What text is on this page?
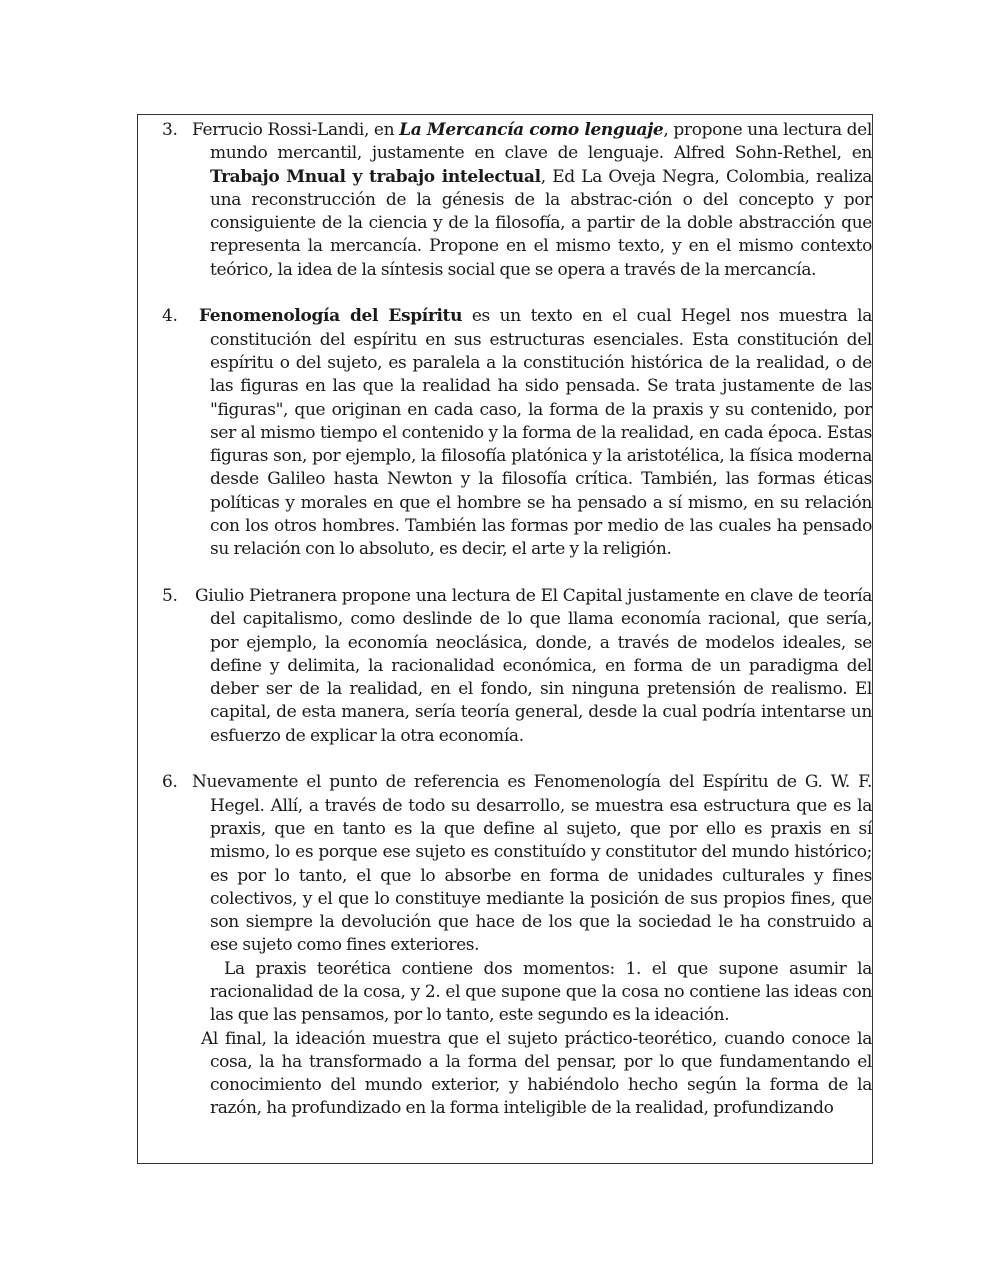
3. Ferrucio Rossi-Landi, en La Mercancía como lenguaje, propone una lectura del mundo mercantil, justamente en clave de lenguaje. Alfred Sohn-Rethel, en Trabajo Mnual y trabajo intelectual, Ed La Oveja Negra, Colombia, realiza una reconstrucción de la génesis de la abstrac-ción o del concepto y por consiguiente de la ciencia y de la filosofía, a partir de la doble abstracción que representa la mercancía. Propone en el mismo texto, y en el mismo contexto teórico, la idea de la síntesis social que se opera a través de la mercancía.

4.	Fenomenología del Espíritu es un texto en el cual Hegel nos muestra la constitución del espíritu en sus estructuras esenciales. Esta constitución del espíritu o del sujeto, es paralela a la constitución histórica de la realidad, o de las figuras en las que la realidad ha sido pensada. Se trata justamente de las "figuras", que originan en cada caso, la forma de la praxis y su contenido, por ser al mismo tiempo el contenido y la forma de la realidad, en cada época. Estas figuras son, por ejemplo, la filosofía platónica y la aristotélica, la física moderna desde Galileo hasta Newton y la filosofía crítica. También, las formas éticas políticas y morales en que el hombre se ha pensado a sí mismo, en su relación con los otros hombres. También las formas por medio de las cuales ha pensado su relación con lo absoluto, es decir, el arte y la religión.

5.	Giulio Pietranera propone una lectura de El Capital justamente en clave de teoría del capitalismo, como deslinde de lo que llama economía racional, que sería, por ejemplo, la economía neoclásica, donde, a través de modelos ideales, se define y delimita, la racionalidad económica, en forma de un paradigma del deber ser de la realidad, en el fondo, sin ninguna pretensión de realismo. El capital, de esta manera, sería teoría general, desde la cual podría intentarse un esfuerzo de explicar la otra economía.

6. Nuevamente el punto de referencia es Fenomenología del Espíritu de G. W. F. Hegel. Allí, a través de todo su desarrollo, se muestra esa estructura que es la praxis, que en tanto es la que define al sujeto, que por ello es praxis en sí mismo, lo es porque ese sujeto es constituído y constitutor del mundo histórico; es por lo tanto, el que lo absorbe en forma de unidades culturales y fines colectivos, y el que lo constituye mediante la posición de sus propios fines, que son siempre la devolución que hace de los que la sociedad le ha construido a ese sujeto como fines exteriores.

La praxis teorética contiene dos momentos: 1. el que supone asumir la racionalidad de la cosa, y 2. el que supone que la cosa no contiene las ideas con las que las pensamos, por lo tanto, este segundo es la ideación.

Al final, la ideación muestra que el sujeto práctico-teorético, cuando conoce la cosa, la ha transformado a la forma del pensar, por lo que fundamentando el conocimiento del mundo exterior, y habiéndolo hecho según la forma de la razón, ha profundizado en la forma inteligible de la realidad, profundizando
